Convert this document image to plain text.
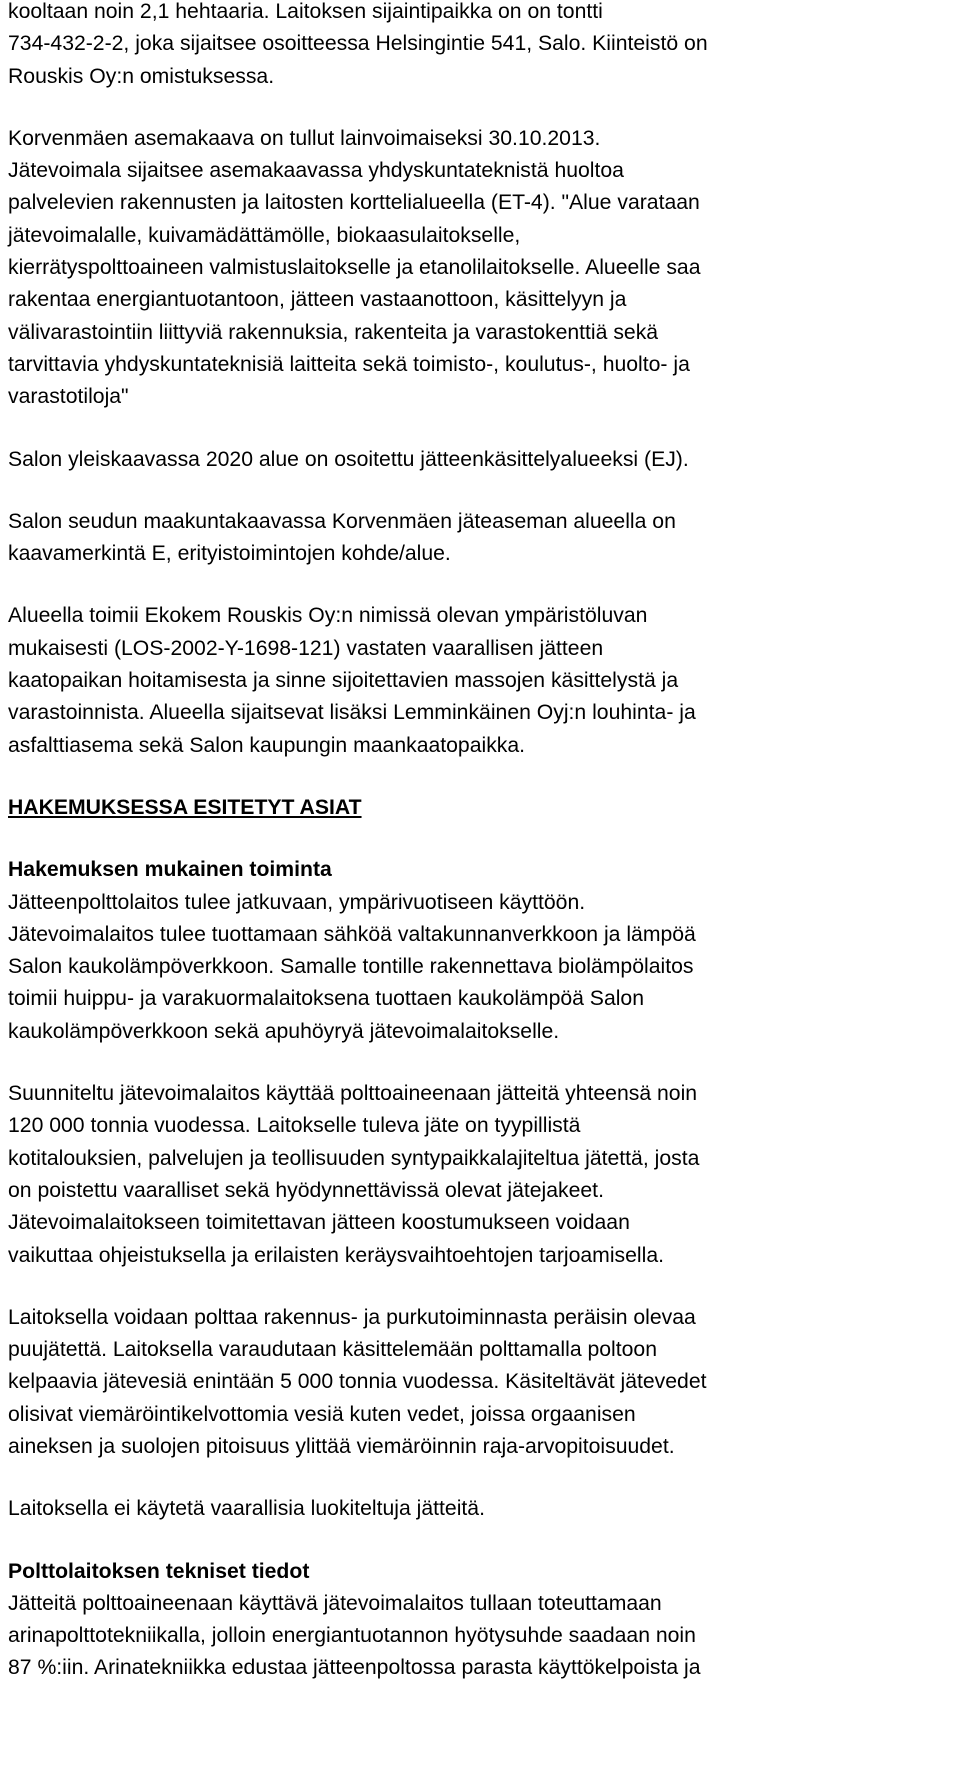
kooltaan noin 2,1 hehtaaria. Laitoksen sijaintipaikka on on tontti
734-432-2-2, joka sijaitsee osoitteessa Helsingintie 541, Salo. Kiinteistö on
Rouskis Oy:n omistuksessa.

Korvenmäen asemakaava on tullut lainvoimaiseksi 30.10.2013.
Jätevoimala sijaitsee asemakaavassa yhdyskuntateknistä huoltoa
palvelevien rakennusten ja laitosten korttelialueella (ET-4). "Alue varataan
jätevoimalalle, kuivamädättämölle, biokaasulaitokselle,
kierrätyspolttoaineen valmistuslaitokselle ja etanolilaitokselle. Alueelle saa
rakentaa energiantuotantoon, jätteen vastaanottoon, käsittelyyn ja
välivarastointiin liittyviä rakennuksia, rakenteita ja varastokenttiä sekä
tarvittavia yhdyskuntateknisiä laitteita sekä toimisto-, koulutus-, huolto- ja
varastotiloja"

Salon yleiskaavassa 2020 alue on osoitettu jätteenkäsittelyalueeksi (EJ).

Salon seudun maakuntakaavassa Korvenmäen jäteaseman alueella on
kaavamerkintä E, erityistoimintojen kohde/alue.

Alueella toimii Ekokem Rouskis Oy:n nimissä olevan ympäristöluvan
mukaisesti (LOS-2002-Y-1698-121) vastaten vaarallisen jätteen
kaatopaikan hoitamisesta ja sinne sijoitettavien massojen käsittelystä ja
varastoinnista. Alueella sijaitsevat lisäksi Lemminkäinen Oyj:n louhinta- ja
asfalttiasema sekä Salon kaupungin maankaatopaikka.

HAKEMUKSESSA ESITETYT ASIAT

Hakemuksen mukainen toiminta

Jätteenpolttolaitos tulee jatkuvaan, ympärivuotiseen käyttöön.
Jätevoimalaitos tulee tuottamaan sähköä valtakunnanverkkoon ja lämpöä
Salon kaukolämpöverkkoon. Samalle tontille rakennettava biolämpölaitos
toimii huippu- ja varakuormalaitoksena tuottaen kaukolämpöä Salon
kaukolämpöverkkoon sekä apuhöyryä jätevoimalaitokselle.

Suunniteltu jätevoimalaitos käyttää polttoaineenaan jätteitä yhteensä noin
120 000 tonnia vuodessa. Laitokselle tuleva jäte on tyypillistä
kotitalouksien, palvelujen ja teollisuuden syntypaikkalajiteltua jätettä, josta
on poistettu vaaralliset sekä hyödynnettävissä olevat jätejakeet.
Jätevoimalaitokseen toimitettavan jätteen koostumukseen voidaan
vaikuttaa ohjeistuksella ja erilaisten keräysvaihtoehtojen tarjoamisella.

Laitoksella voidaan polttaa rakennus- ja purkutoiminnasta peräisin olevaa
puujätettä. Laitoksella varaudutaan käsittelemään polttamalla poltoon
kelpaavia jätevesiä enintään 5 000 tonnia vuodessa. Käsiteltävät jätevedet
olisivat viemäröintikelvottomia vesiä kuten vedet, joissa orgaanisen
aineksen ja suolojen pitoisuus ylittää viemäröinnin raja-arvopitoisuudet.

Laitoksella ei käytetä vaarallisia luokiteltuja jätteitä.

Polttolaitoksen tekniset tiedot

Jätteitä polttoaineenaan käyttävä jätevoimalaitos tullaan toteuttamaan
arinapolttotekniikalla, jolloin energiantuotannon hyötysuhde saadaan noin
87 %:iin. Arinatekniikka edustaa jätteenpoltossa parasta käyttökelpoista ja
